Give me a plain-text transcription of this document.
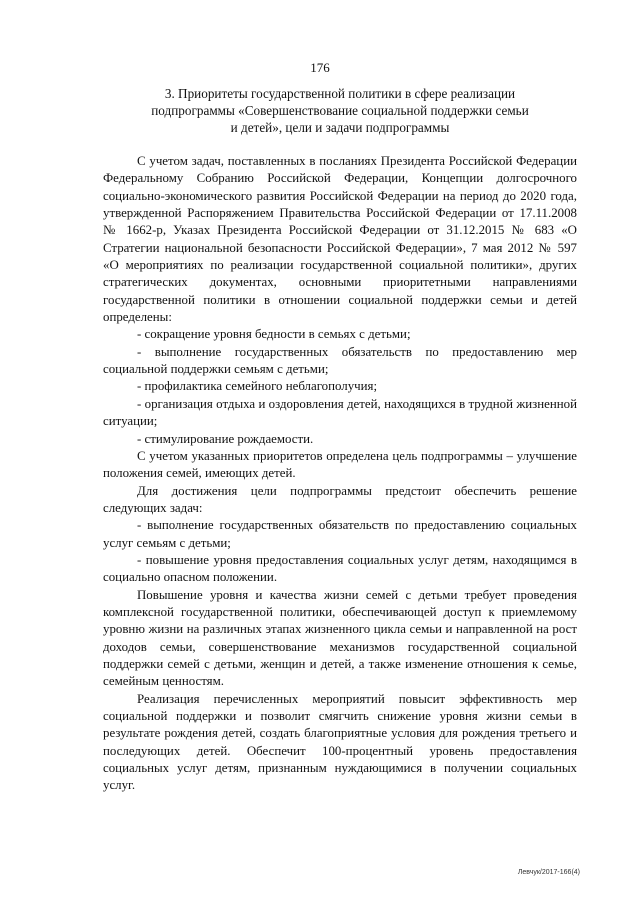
176
3. Приоритеты государственной политики в сфере реализации
подпрограммы «Совершенствование социальной поддержки семьи
и детей», цели и задачи подпрограммы

С учетом задач, поставленных в посланиях Президента Российской Федерации Федеральному Собранию Российской Федерации, Концепции долгосрочного социально-экономического развития Российской Федерации на период до 2020 года, утвержденной Распоряжением Правительства Российской Федерации от 17.11.2008 № 1662-р, Указах Президента Российской Федерации от 31.12.2015 № 683 «О Стратегии национальной безопасности Российской Федерации», 7 мая 2012 № 597 «О мероприятиях по реализации государственной социальной политики», других стратегических документах, основными приоритетными направлениями государственной политики в отношении социальной поддержки семьи и детей определены:

- сокращение уровня бедности в семьях с детьми;

- выполнение государственных обязательств по предоставлению мер социальной поддержки семьям с детьми;

- профилактика семейного неблагополучия;

- организация отдыха и оздоровления детей, находящихся в трудной жизненной ситуации;

- стимулирование рождаемости.

С учетом указанных приоритетов определена цель подпрограммы – улучшение положения семей, имеющих детей.

Для достижения цели подпрограммы предстоит обеспечить решение следующих задач:

- выполнение государственных обязательств по предоставлению социальных услуг семьям с детьми;

- повышение уровня предоставления социальных услуг детям, находящимся в социально опасном положении.

Повышение уровня и качества жизни семей с детьми требует проведения комплексной государственной политики, обеспечивающей доступ к приемлемому уровню жизни на различных этапах жизненного цикла семьи и направленной на рост доходов семьи, совершенствование механизмов государственной социальной поддержки семей с детьми, женщин и детей, а также изменение отношения к семье, семейным ценностям.

Реализация перечисленных мероприятий повысит эффективность мер социальной поддержки и позволит смягчить снижение уровня жизни семьи в результате рождения детей, создать благоприятные условия для рождения третьего и последующих детей. Обеспечит 100-процентный уровень предоставления социальных услуг детям, признанным нуждающимися в получении социальных услуг.

Левчук/2017-166(4)
